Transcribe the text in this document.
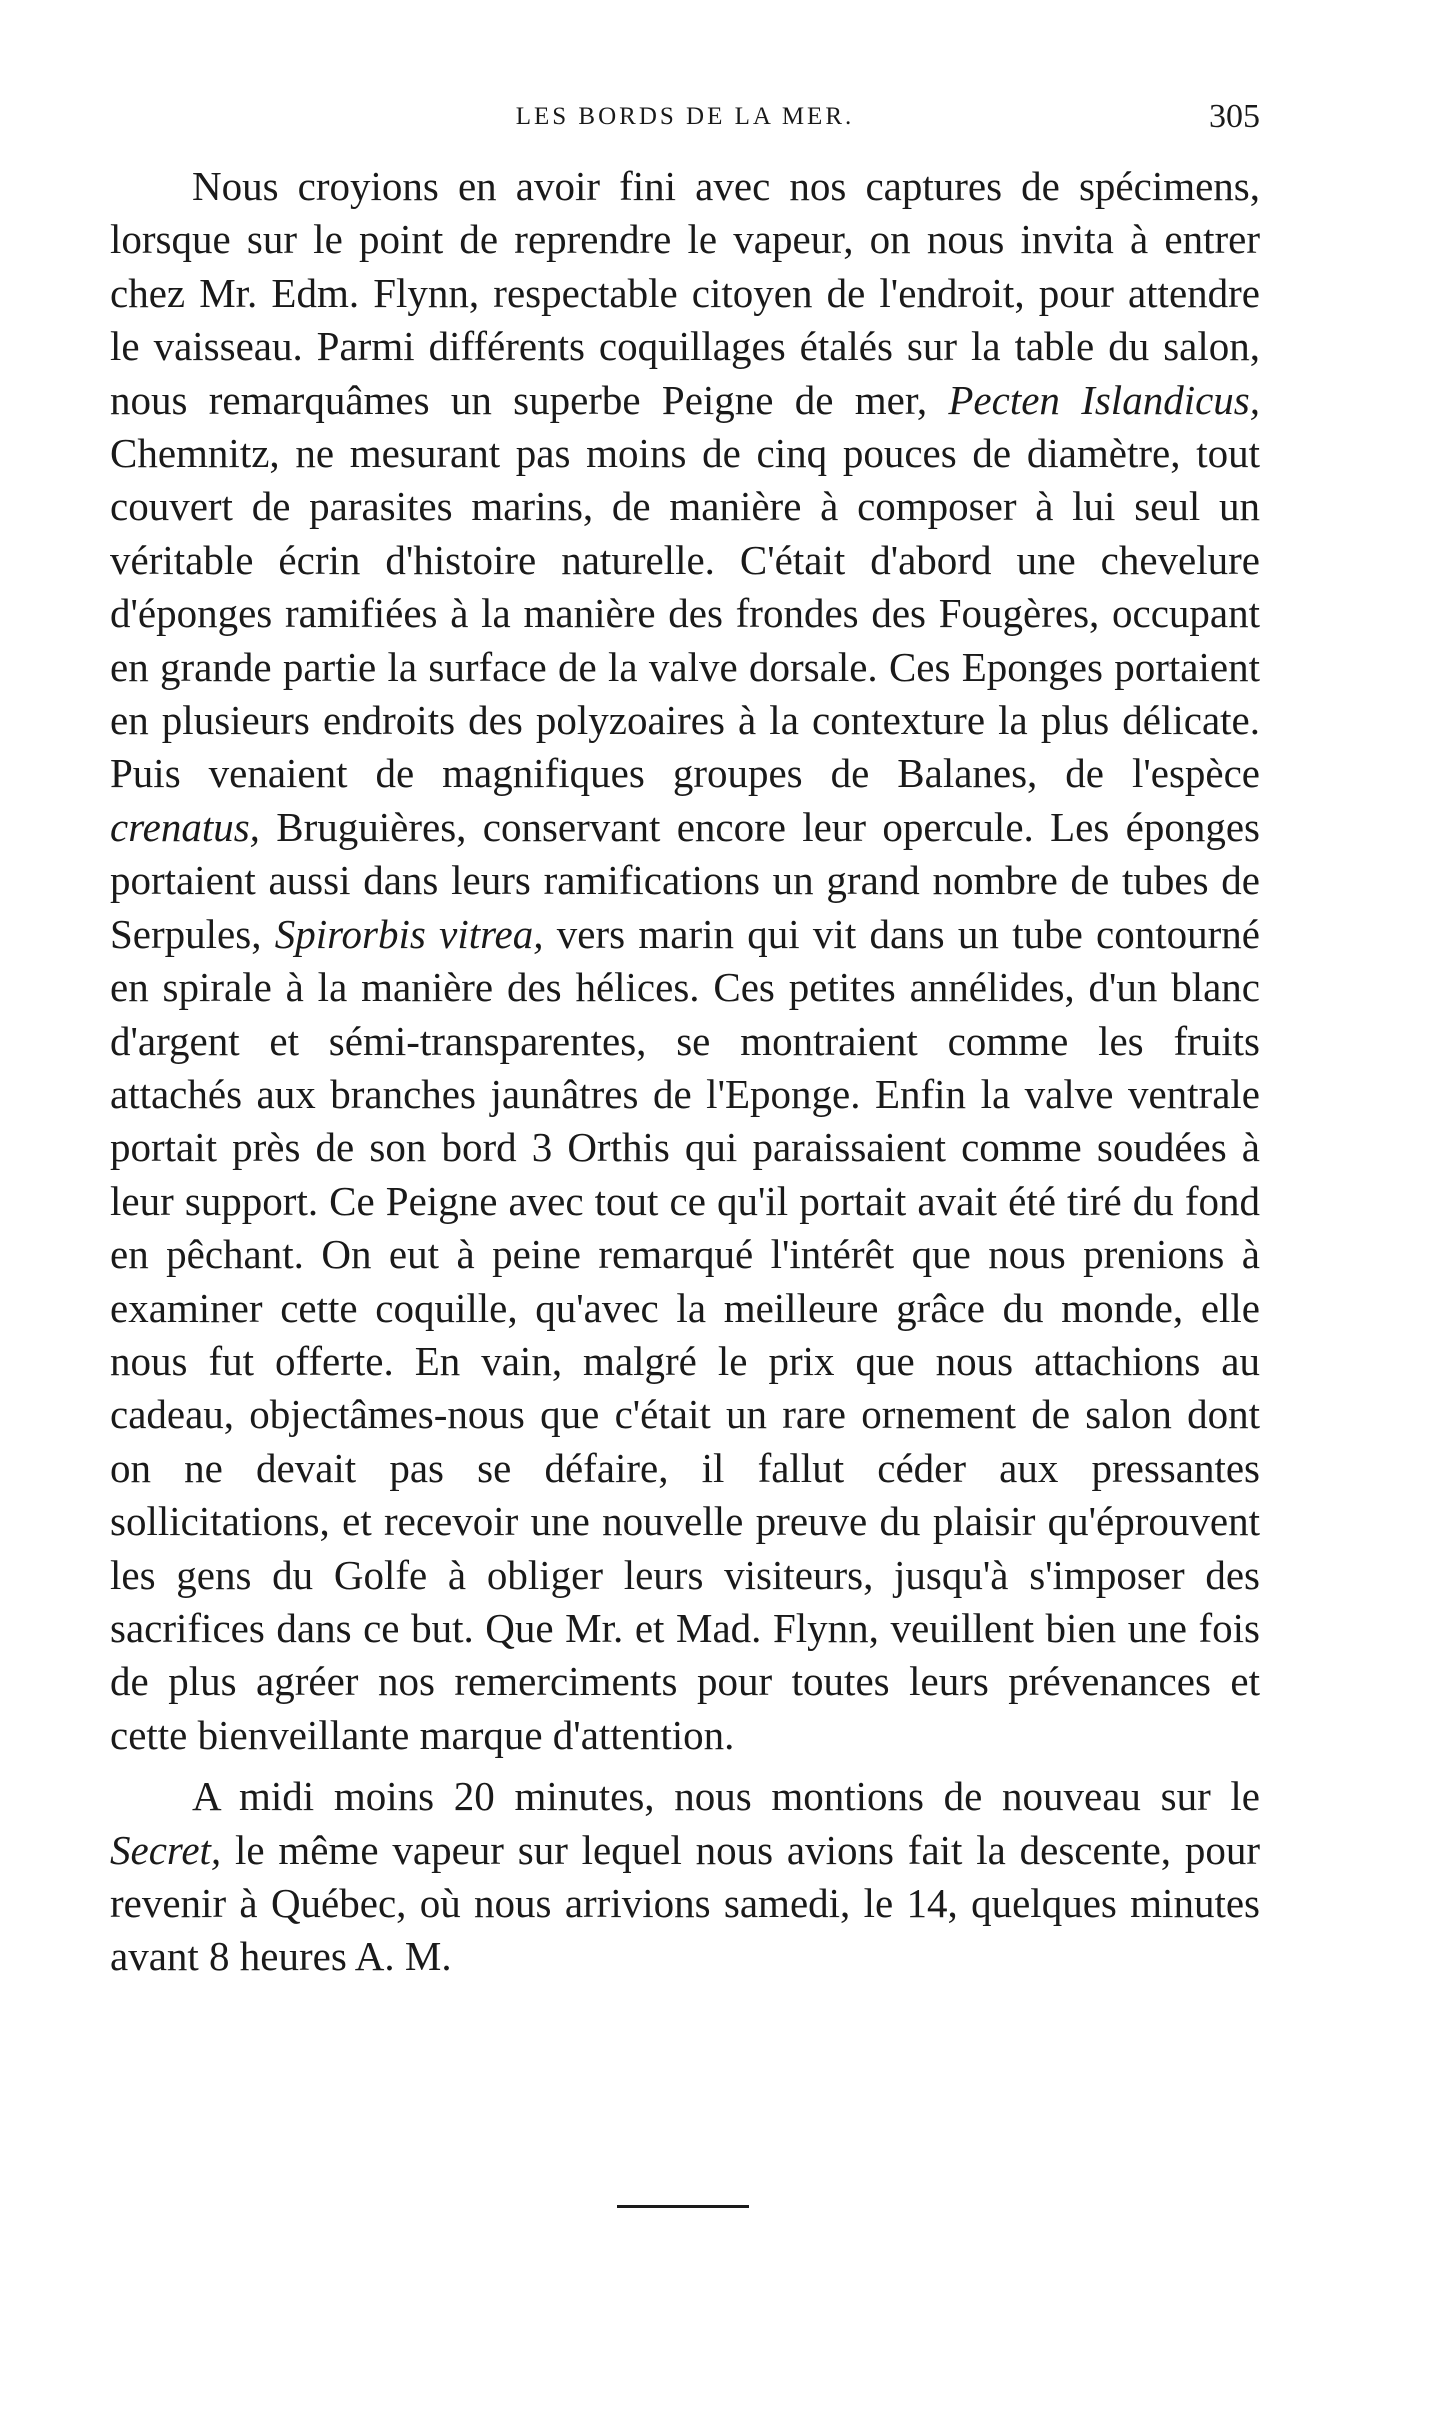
LES BORDS DE LA MER.	305

Nous croyions en avoir fini avec nos captures de spécimens, lorsque sur le point de reprendre le vapeur, on nous invita à entrer chez Mr. Edm. Flynn, respectable citoyen de l'endroit, pour attendre le vaisseau. Parmi différents coquillages étalés sur la table du salon, nous remarquâmes un superbe Peigne de mer, Pecten Islandicus, Chemnitz, ne mesurant pas moins de cinq pouces de diamètre, tout couvert de parasites marins, de manière à composer à lui seul un véritable écrin d'histoire naturelle. C'était d'abord une chevelure d'éponges ramifiées à la manière des frondes des Fougères, occupant en grande partie la surface de la valve dorsale. Ces Eponges portaient en plusieurs endroits des polyzoaires à la contexture la plus délicate. Puis venaient de magnifiques groupes de Balanes, de l'espèce crenatus, Bruguières, conservant encore leur opercule. Les éponges portaient aussi dans leurs ramifications un grand nombre de tubes de Serpules, Spirorbis vitrea, vers marin qui vit dans un tube contourné en spirale à la manière des hélices. Ces petites annélides, d'un blanc d'argent et sémi-transparentes, se montraient comme les fruits attachés aux branches jaunâtres de l'Eponge. Enfin la valve ventrale portait près de son bord 3 Orthis qui paraissaient comme soudées à leur support. Ce Peigne avec tout ce qu'il portait avait été tiré du fond en pêchant. On eut à peine remarqué l'intérêt que nous prenions à examiner cette coquille, qu'avec la meilleure grâce du monde, elle nous fut offerte. En vain, malgré le prix que nous attachions au cadeau, objectâmes-nous que c'était un rare ornement de salon dont on ne devait pas se défaire, il fallut céder aux pressantes sollicitations, et recevoir une nouvelle preuve du plaisir qu'éprouvent les gens du Golfe à obliger leurs visiteurs, jusqu'à s'imposer des sacrifices dans ce but. Que Mr. et Mad. Flynn, veuillent bien une fois de plus agréer nos remerciments pour toutes leurs prévenances et cette bienveillante marque d'attention.

A midi moins 20 minutes, nous montions de nouveau sur le Secret, le même vapeur sur lequel nous avions fait la descente, pour revenir à Québec, où nous arrivions samedi, le 14, quelques minutes avant 8 heures A. M.
